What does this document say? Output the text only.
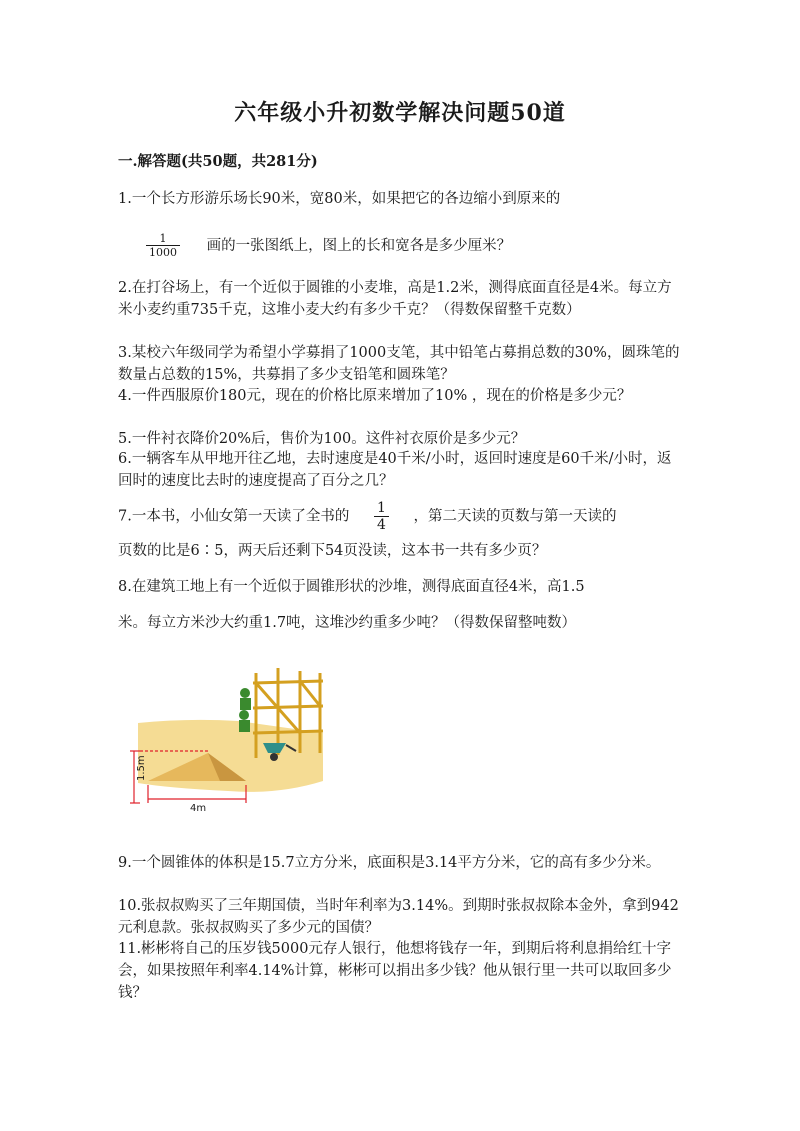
六年级小升初数学解决问题50道
一.解答题(共50题，共281分)
1.一个长方形游乐场长90米，宽80米，如果把它的各边缩小到原来的
$\frac{1}{1000}$ 画的一张图纸上，图上的长和宽各是多少厘米？
2.在打谷场上，有一个近似于圆锥的小麦堆，高是1.2米，测得底面直径是4米。每立方米小麦约重735千克，这堆小麦大约有多少千克？（得数保留整千克数）
3.某校六年级同学为希望小学募捐了1000支笔，其中铅笔占募捐总数的30%，圆珠笔的数量占总数的15%，共募捐了多少支铅笔和圆珠笔？
4.一件西服原价180元，现在的价格比原来增加了10% ，现在的价格是多少元？
5.一件衬衣降价20%后，售价为100。这件衬衣原价是多少元？
6.一辆客车从甲地开往乙地，去时速度是40千米/小时，返回时速度是60千米/小时，返回时的速度比去时的速度提高了百分之几？
7.一本书，小仙女第一天读了全书的 $\frac{1}{4}$ ，第二天读的页数与第一天读的
页数的比是6∶5，两天后还剩下54页没读，这本书一共有多少页？
8.在建筑工地上有一个近似于圆锥形状的沙堆，测得底面直径4米，高1.5
米。每立方米沙大约重1.7吨，这堆沙约重多少吨？（得数保留整吨数）
1.5m
4m
9.一个圆锥体的体积是15.7立方分米，底面积是3.14平方分米，它的高有多少分米。
10.张叔叔购买了三年期国债，当时年利率为3.14%。到期时张叔叔除本金外，拿到942元利息款。张叔叔购买了多少元的国债？
11.彬彬将自己的压岁钱5000元存人银行，他想将钱存一年，到期后将利息捐给红十字会，如果按照年利率4.14%计算，彬彬可以捐出多少钱？他从银行里一共可以取回多少钱？
